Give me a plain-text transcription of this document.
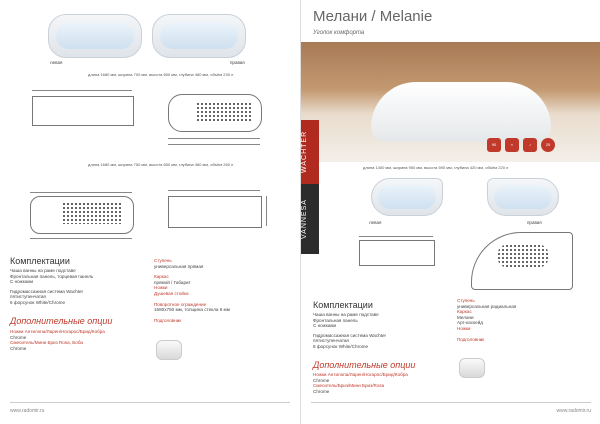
левая	правая
длина 1680 мм, ширина 700 мм, высота 650 мм, глубина 480 мм, объём 230 л
длина 1680 мм, ширина 750 мм, высота 650 мм, глубина 480 мм, объём 260 л
Комплектации
Чаша ванны на раме подставе
Фронтальная панель, торцевая панель
С ножками
Гидромассажная система Wachter
пятиступенчатая
6 форсунок White/Chrome
Дополнительные опции
Ножки Антилопа/Ларен/Ногарос/Брид/Кобра
Chrome
Смеситель/Мини Бриз Rosa, Боба
Chrome
Ступень
универсальная прямая
Каркас
прямой / Габарит
Ножки
Душевая стойка
Поворотное ограждение
1680x750 мм, толщина стекла 6 мм
Подголовник
www.radomir.ru
Мелани / Melanie
Уголок комфорта
WACHTER
VANNESA
90	≈	♪	25
длина 1400 мм, ширина 950 мм, высота 590 мм, глубина 420 мм, объём 220 л
левая	правая
Комплектации
Чаша ванны на раме подставе
Фронтальная панель
С ножками
Гидромассажная система Wachter
пятиступенчатая
8 форсунок White/Chrome
Дополнительные опции
Ножки Антилопа/Ларен/Ногарос/Брид/Кобра
Chrome
Смеситель/Бриз/Мини Бриз/Rosa
Chrome
Ступень
универсальная радиальная
Каркас
Мелани
Арт-каскейд
Ножки
Подголовник
www.radomir.ru
